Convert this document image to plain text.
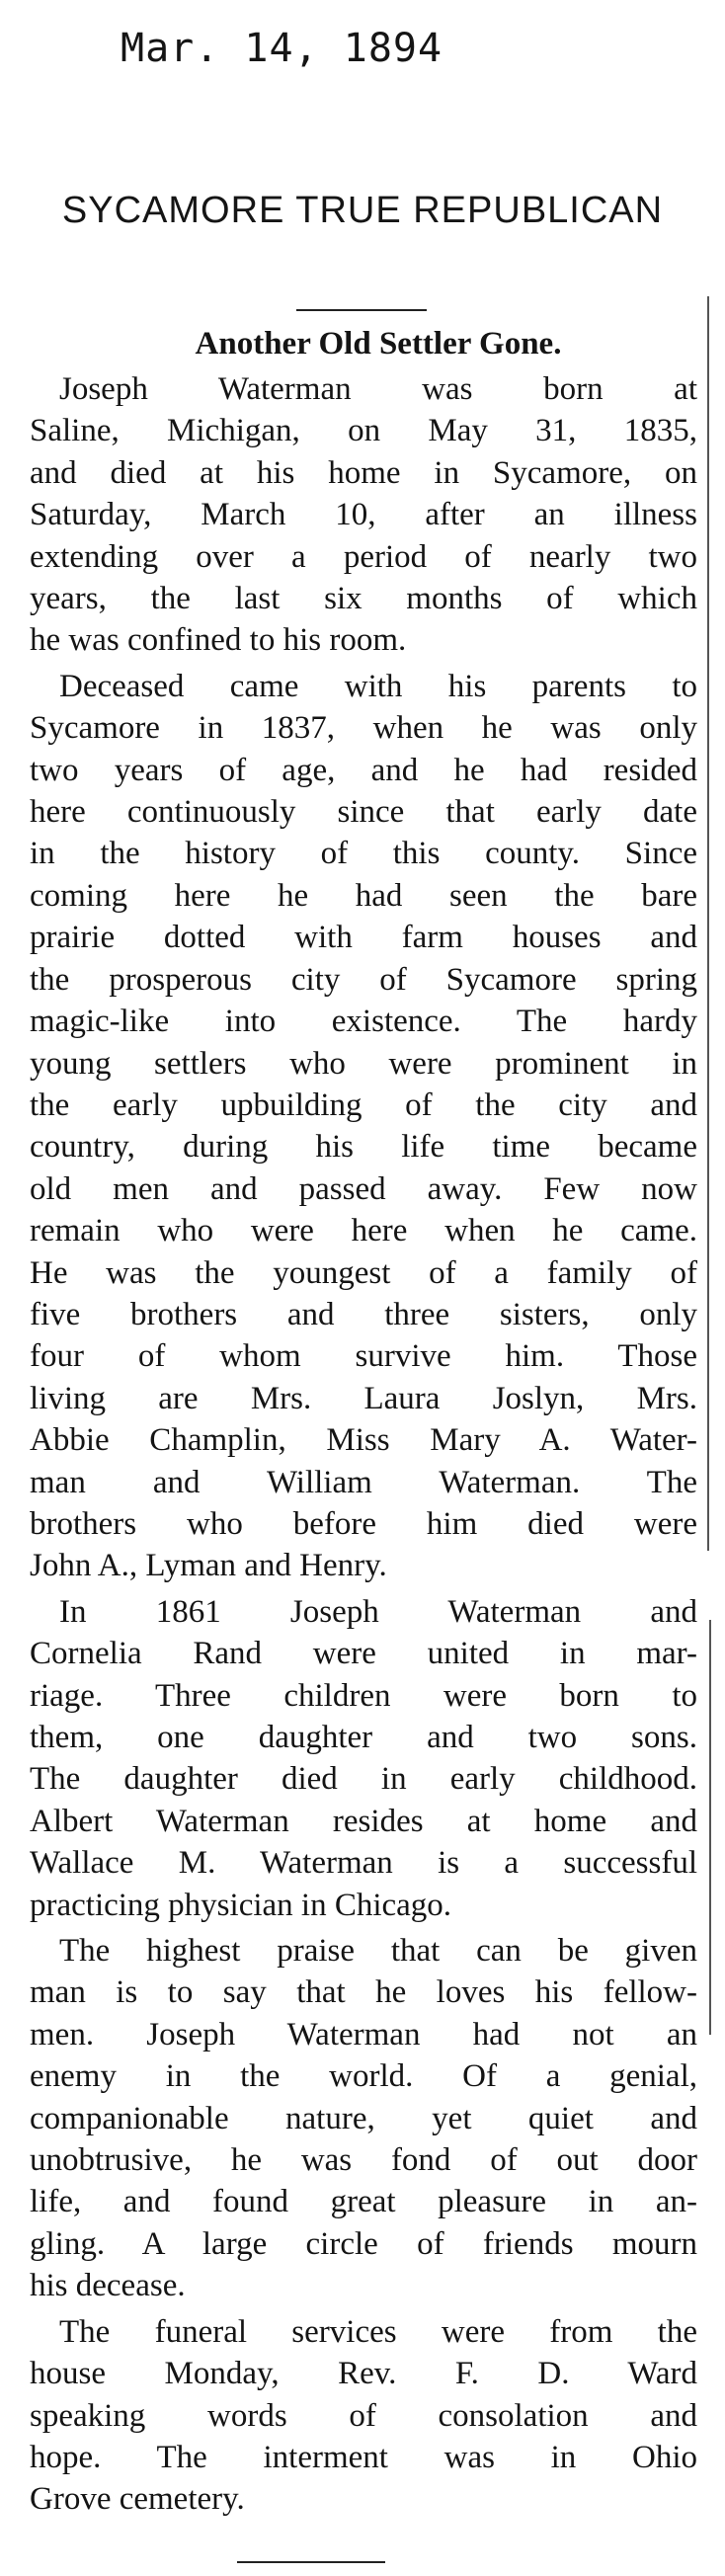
Mar. 14, 1894
SYCAMORE TRUE REPUBLICAN
Another Old Settler Gone.
Joseph Waterman was born at
Saline, Michigan, on May 31, 1835,
and died at his home in Sycamore, on
Saturday, March 10, after an illness
extending over a period of nearly two
years, the last six months of which
he was confined to his room.
Deceased came with his parents to
Sycamore in 1837, when he was only
two years of age, and he had resided
here continuously since that early date
in the history of this county. Since
coming here he had seen the bare
prairie dotted with farm houses and
the prosperous city of Sycamore spring
magic-like into existence. The hardy
young settlers who were prominent in
the early upbuilding of the city and
country, during his life time became
old men and passed away. Few now
remain who were here when he came.
He was the youngest of a family of
five brothers and three sisters, only
four of whom survive him. Those
living are Mrs. Laura Joslyn, Mrs.
Abbie Champlin, Miss Mary A. Water-
man and William Waterman. The
brothers who before him died were
John A., Lyman and Henry.
In 1861 Joseph Waterman and
Cornelia Rand were united in mar-
riage. Three children were born to
them, one daughter and two sons.
The daughter died in early childhood.
Albert Waterman resides at home and
Wallace M. Waterman is a successful
practicing physician in Chicago.
The highest praise that can be given
man is to say that he loves his fellow-
men. Joseph Waterman had not an
enemy in the world. Of a genial,
companionable nature, yet quiet and
unobtrusive, he was fond of out door
life, and found great pleasure in an-
gling. A large circle of friends mourn
his decease.
The funeral services were from the
house Monday, Rev. F. D. Ward
speaking words of consolation and
hope. The interment was in Ohio
Grove cemetery.
